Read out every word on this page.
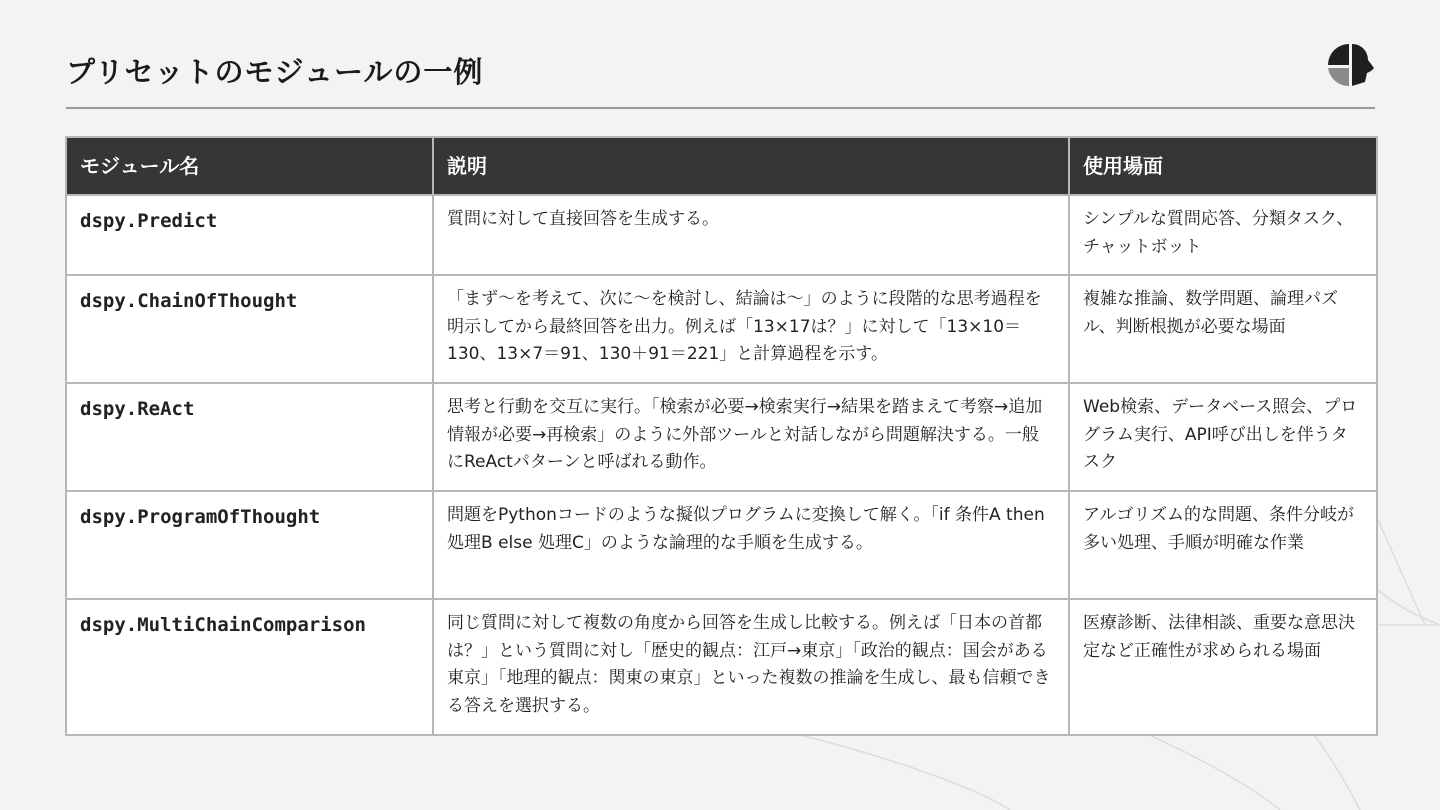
プリセットのモジュールの一例
モジュール名	説明	使用場面
dspy.Predict	質問に対して直接回答を生成する。	シンプルな質問応答、分類タスク、チャットボット
dspy.ChainOfThought	「まず〜を考えて、次に〜を検討し、結論は〜」のように段階的な思考過程を明示してから最終回答を出力。例えば「13×17は？」に対して「13×10＝130、13×7＝91、130＋91＝221」と計算過程を示す。	複雑な推論、数学問題、論理パズル、判断根拠が必要な場面
dspy.ReAct	思考と行動を交互に実行。「検索が必要→検索実行→結果を踏まえて考察→追加情報が必要→再検索」のように外部ツールと対話しながら問題解決する。一般にReActパターンと呼ばれる動作。	Web検索、データベース照会、プログラム実行、API呼び出しを伴うタスク
dspy.ProgramOfThought	問題をPythonコードのような擬似プログラムに変換して解く。「if 条件A then 処理B else 処理C」のような論理的な手順を生成する。	アルゴリズム的な問題、条件分岐が多い処理、手順が明確な作業
dspy.MultiChainComparison	同じ質問に対して複数の角度から回答を生成し比較する。例えば「日本の首都は？」という質問に対し「歴史的観点：江戸→東京」「政治的観点：国会がある東京」「地理的観点：関東の東京」といった複数の推論を生成し、最も信頼できる答えを選択する。	医療診断、法律相談、重要な意思決定など正確性が求められる場面
